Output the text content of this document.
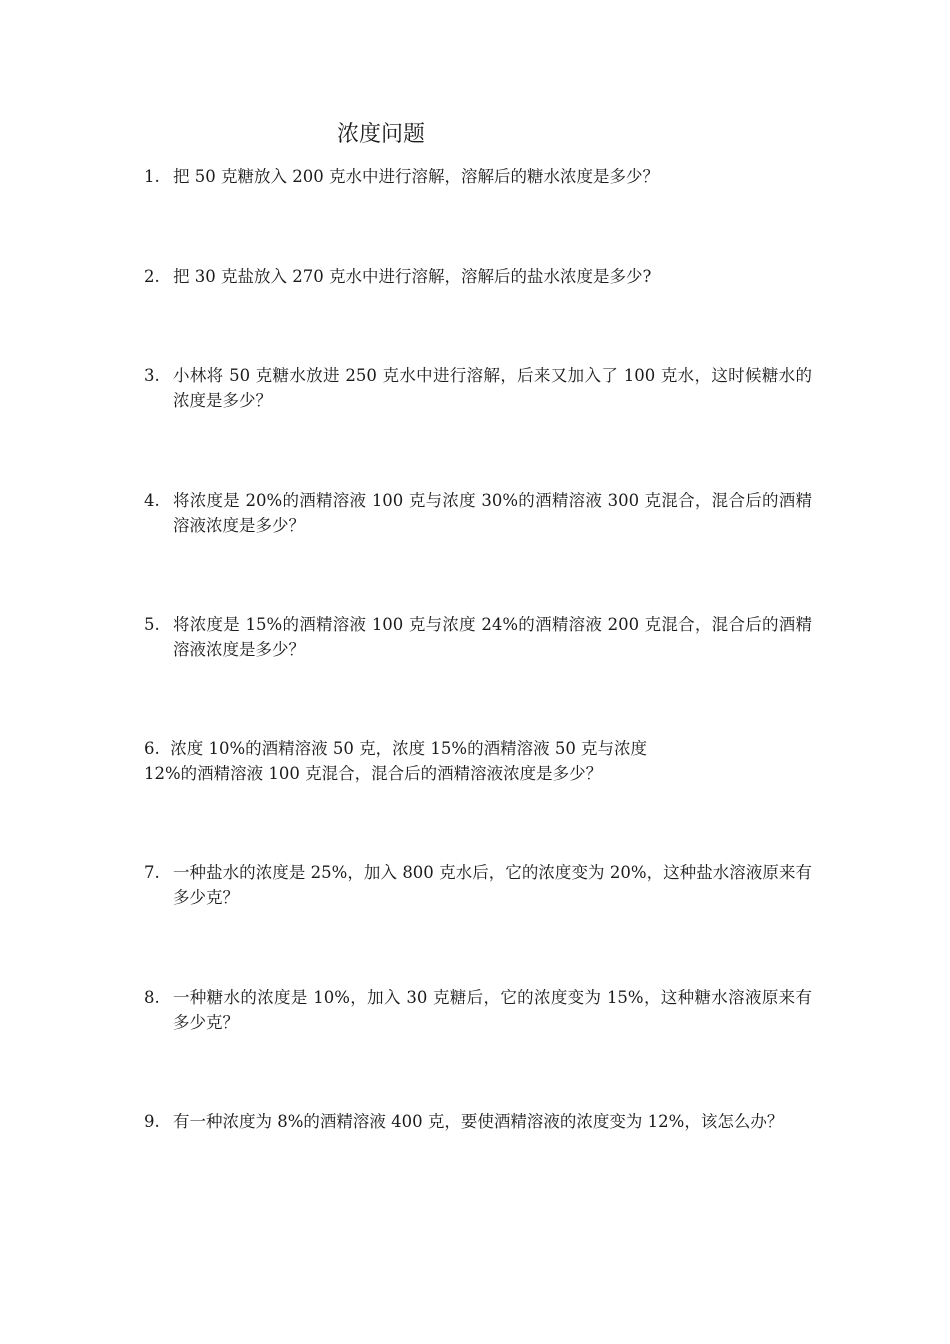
浓度问题
1. 把 50 克糖放入 200 克水中进行溶解，溶解后的糖水浓度是多少？
2. 把 30 克盐放入 270 克水中进行溶解，溶解后的盐水浓度是多少?
3. 小林将 50 克糖水放进 250 克水中进行溶解，后来又加入了 100 克水，这时候糖水的浓度是多少？
4. 将浓度是 20%的酒精溶液 100 克与浓度 30%的酒精溶液 300 克混合，混合后的酒精溶液浓度是多少？
5. 将浓度是 15%的酒精溶液 100 克与浓度 24%的酒精溶液 200 克混合，混合后的酒精溶液浓度是多少？
6. 浓度 10%的酒精溶液 50 克，浓度 15%的酒精溶液 50 克与浓度
12%的酒精溶液 100 克混合，混合后的酒精溶液浓度是多少？
7. 一种盐水的浓度是 25%，加入 800 克水后，它的浓度变为 20%，这种盐水溶液原来有多少克？
8. 一种糖水的浓度是 10%，加入 30 克糖后，它的浓度变为 15%，这种糖水溶液原来有多少克？
9. 有一种浓度为 8%的酒精溶液 400 克，要使酒精溶液的浓度变为 12%，该怎么办？
